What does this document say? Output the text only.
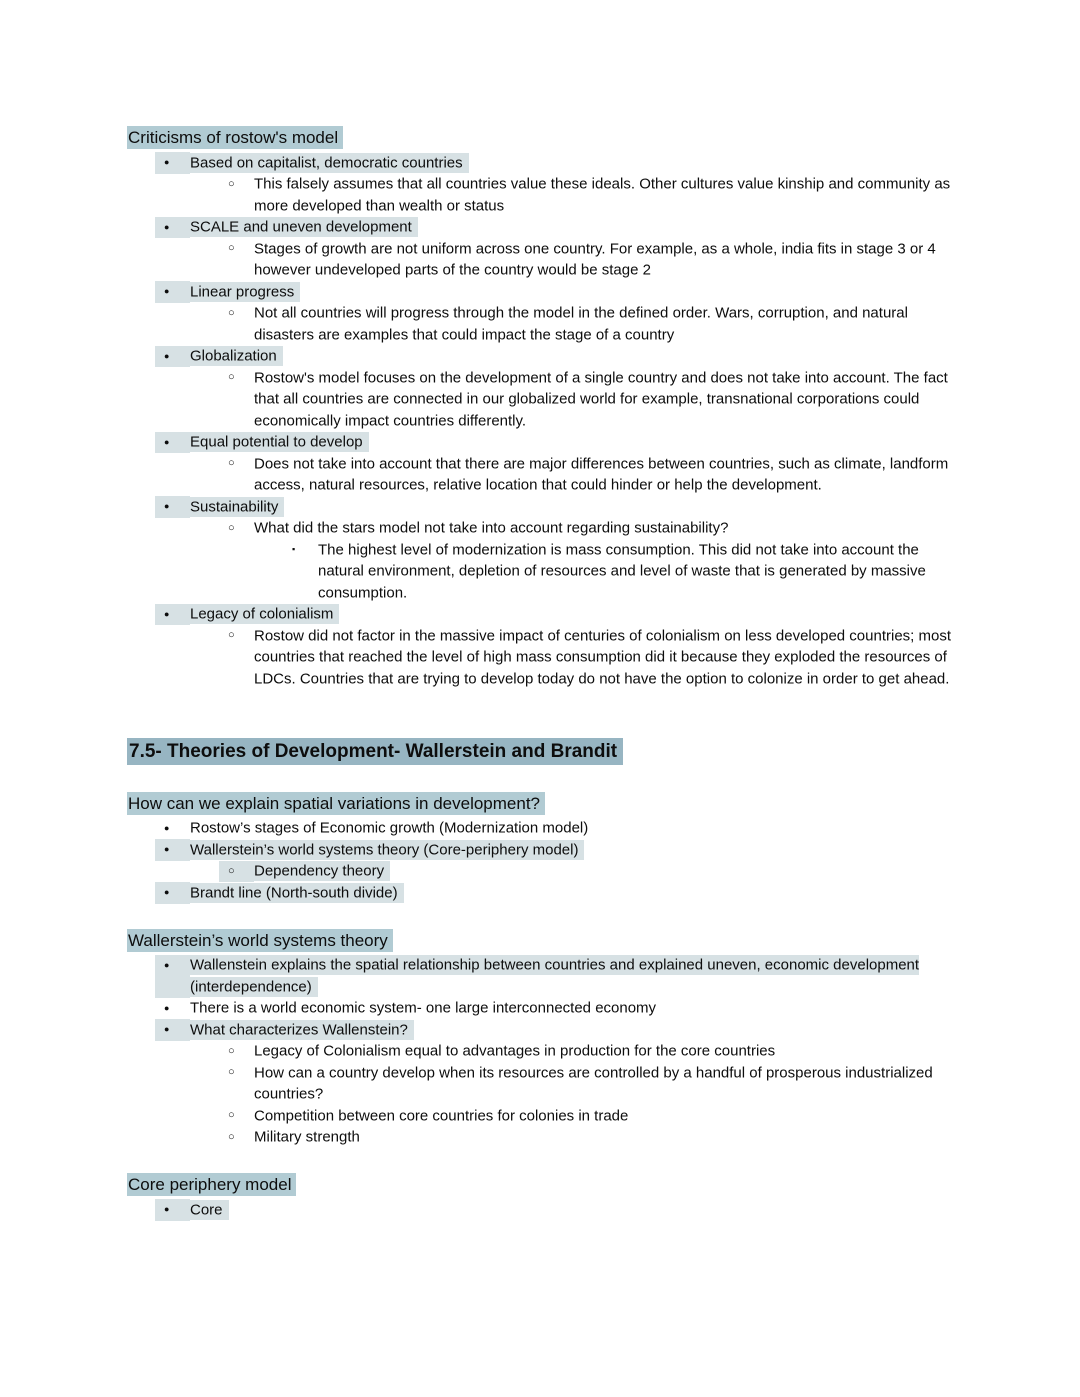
Criticisms of rostow's model
●	Based on capitalist, democratic countries
○	This falsely assumes that all countries value these ideals. Other cultures value kinship and community as more developed than wealth or status
●	SCALE and uneven development
○	Stages of growth are not uniform across one country. For example, as a whole, india fits in stage 3 or 4 however undeveloped parts of the country would be stage 2
●	Linear progress
○	Not all countries will progress through the model in the defined order. Wars, corruption, and natural disasters are examples that could impact the stage of a country
●	Globalization
○	Rostow's model focuses on the development of a single country and does not take into account. The fact that all countries are connected in our globalized world for example, transnational corporations could economically impact countries differently.
●	Equal potential to develop
○	Does not take into account that there are major differences between countries, such as climate, landform access, natural resources, relative location that could hinder or help the development.
●	Sustainability
○	What did the stars model not take into account regarding sustainability?
▪	The highest level of modernization is mass consumption. This did not take into account the natural environment, depletion of resources and level of waste that is generated by massive consumption.
●	Legacy of colonialism
○	Rostow did not factor in the massive impact of centuries of colonialism on less developed countries; most countries that reached the level of high mass consumption did it because they exploded the resources of LDCs. Countries that are trying to develop today do not have the option to colonize in order to get ahead.
7.5- Theories of Development- Wallerstein and Brandit
How can we explain spatial variations in development?
●	Rostow’s stages of Economic growth (Modernization model)
●	Wallerstein’s world systems theory (Core-periphery model)
○	Dependency theory
●	Brandt line (North-south divide)
Wallerstein’s world systems theory
●	Wallenstein explains the spatial relationship between countries and explained uneven, economic development (interdependence)
●	There is a world economic system- one large interconnected economy
●	What characterizes Wallenstein?
○	Legacy of Colonialism equal to advantages in production for the core countries
○	How can a country develop when its resources are controlled by a handful of prosperous industrialized countries?
○	Competition between core countries for colonies in trade
○	Military strength
Core periphery model
●	Core
